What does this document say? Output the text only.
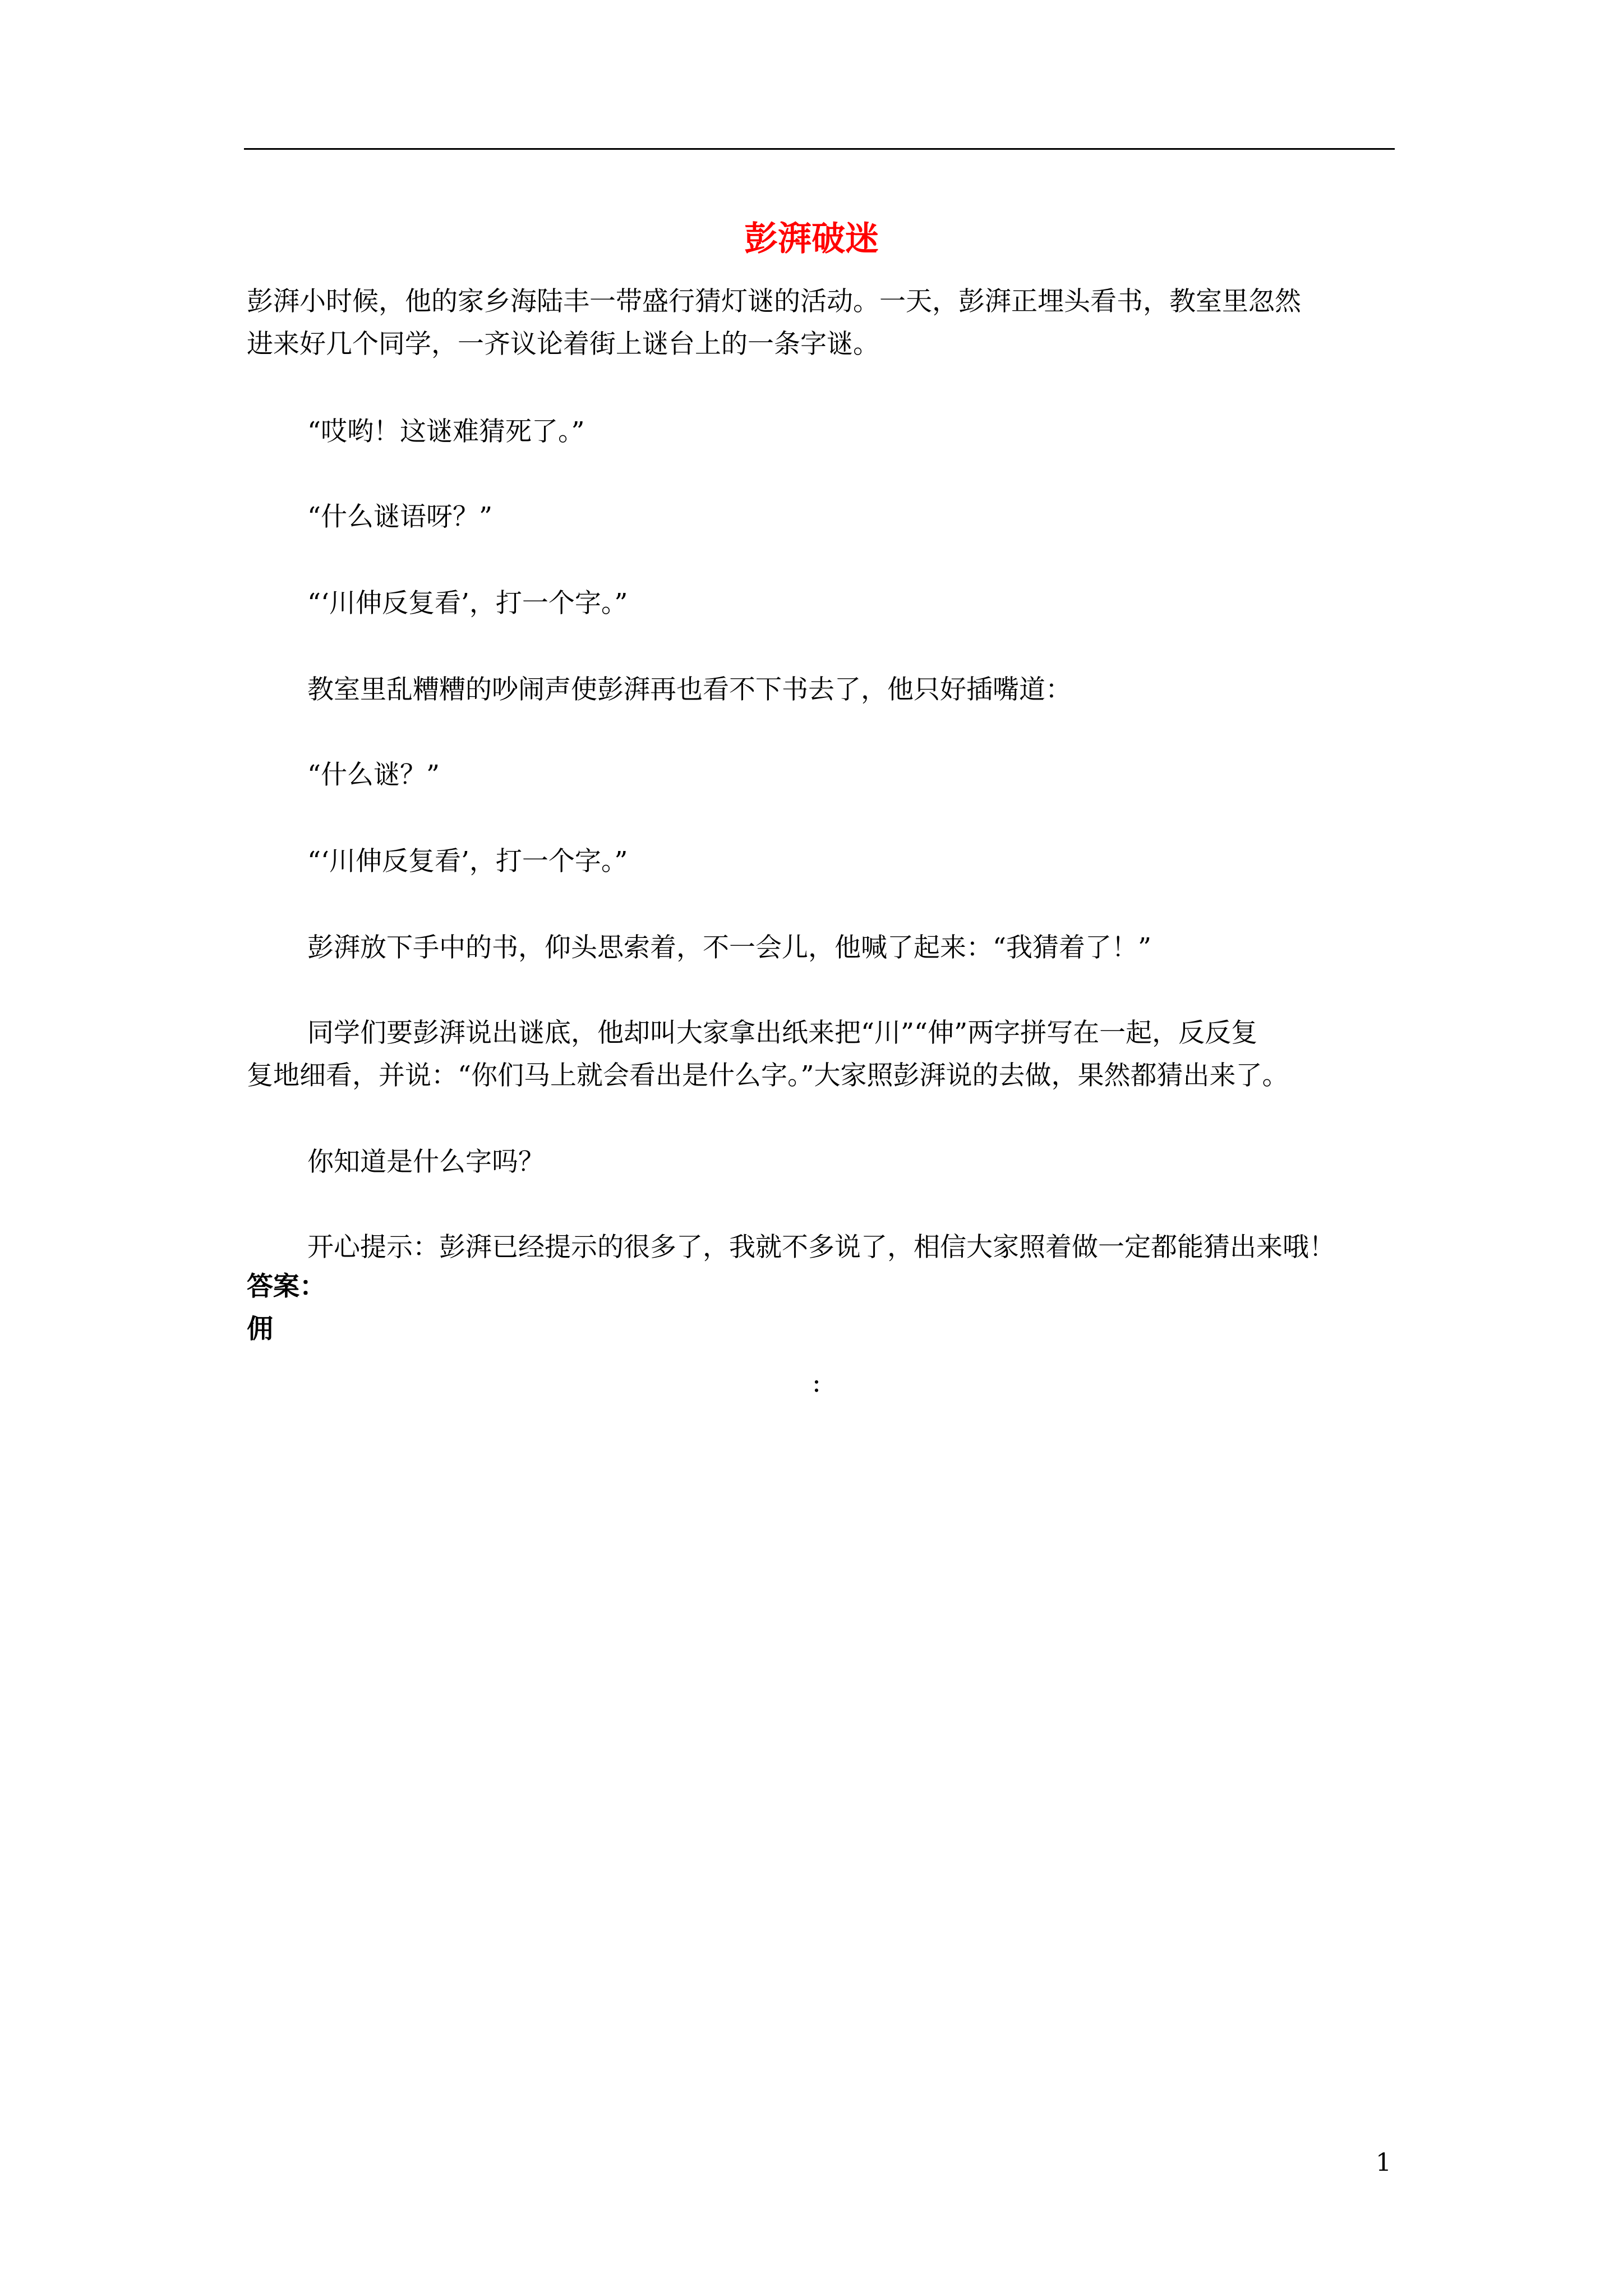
彭湃破迷
彭湃小时候，他的家乡海陆丰一带盛行猜灯谜的活动。一天，彭湃正埋头看书，教室里忽然
进来好几个同学，一齐议论着街上谜台上的一条字谜。
“哎哟！这谜难猜死了。”
“什么谜语呀？”
“‘川伸反复看’，打一个字。”
教室里乱糟糟的吵闹声使彭湃再也看不下书去了，他只好插嘴道：
“什么谜？”
“‘川伸反复看’，打一个字。”
彭湃放下手中的书，仰头思索着，不一会儿，他喊了起来：“我猜着了！”
同学们要彭湃说出谜底，他却叫大家拿出纸来把“川”“伸”两字拼写在一起，反反复
复地细看，并说：“你们马上就会看出是什么字。”大家照彭湃说的去做，果然都猜出来了。
你知道是什么字吗？
开心提示：彭湃已经提示的很多了，我就不多说了，相信大家照着做一定都能猜出来哦！
答案：
佣
:
1
